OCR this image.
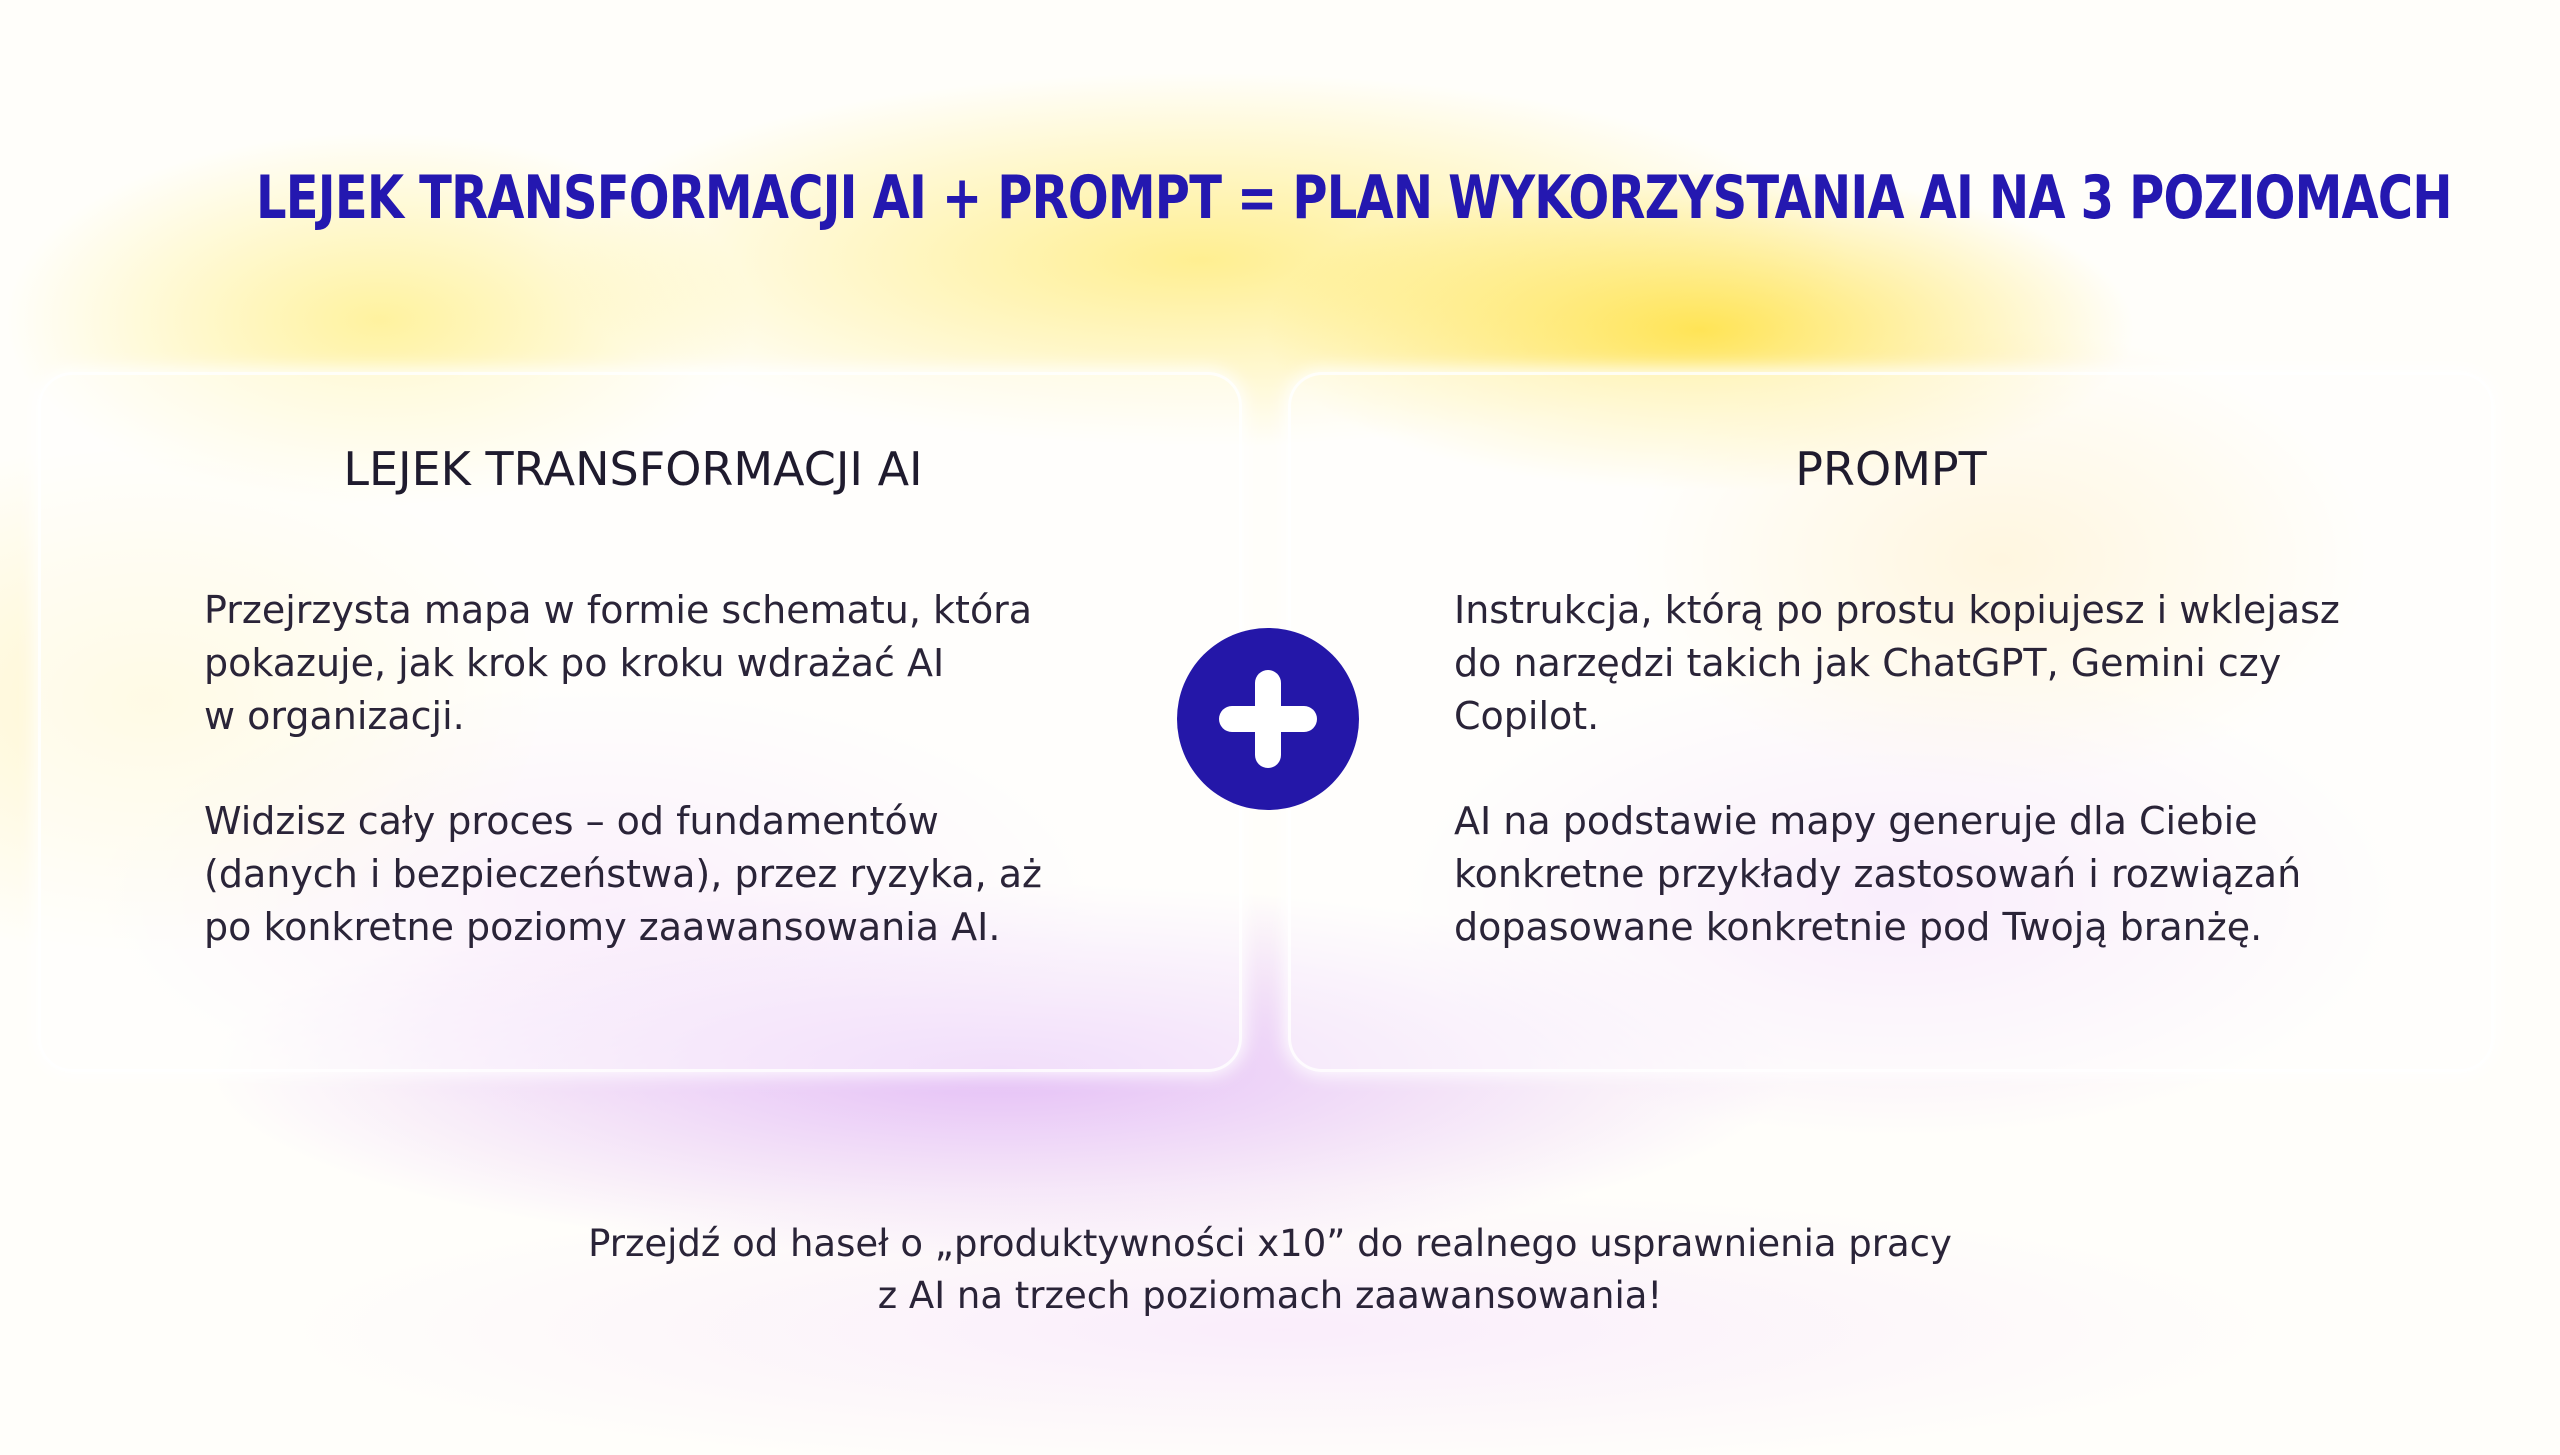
LEJEK TRANSFORMACJI AI + PROMPT = PLAN WYKORZYSTANIA AI NA 3 POZIOMACH
LEJEK TRANSFORMACJI AI
Przejrzysta mapa w formie schematu, która
pokazuje, jak krok po kroku wdrażać AI
w organizacji.
Widzisz cały proces – od fundamentów
(danych i bezpieczeństwa), przez ryzyka, aż
po konkretne poziomy zaawansowania AI.
PROMPT
Instrukcja, którą po prostu kopiujesz i wklejasz
do narzędzi takich jak ChatGPT, Gemini czy
Copilot.
AI na podstawie mapy generuje dla Ciebie
konkretne przykłady zastosowań i rozwiązań
dopasowane konkretnie pod Twoją branżę.
Przejdź od haseł o „produktywności x10” do realnego usprawnienia pracy
z AI na trzech poziomach zaawansowania!
